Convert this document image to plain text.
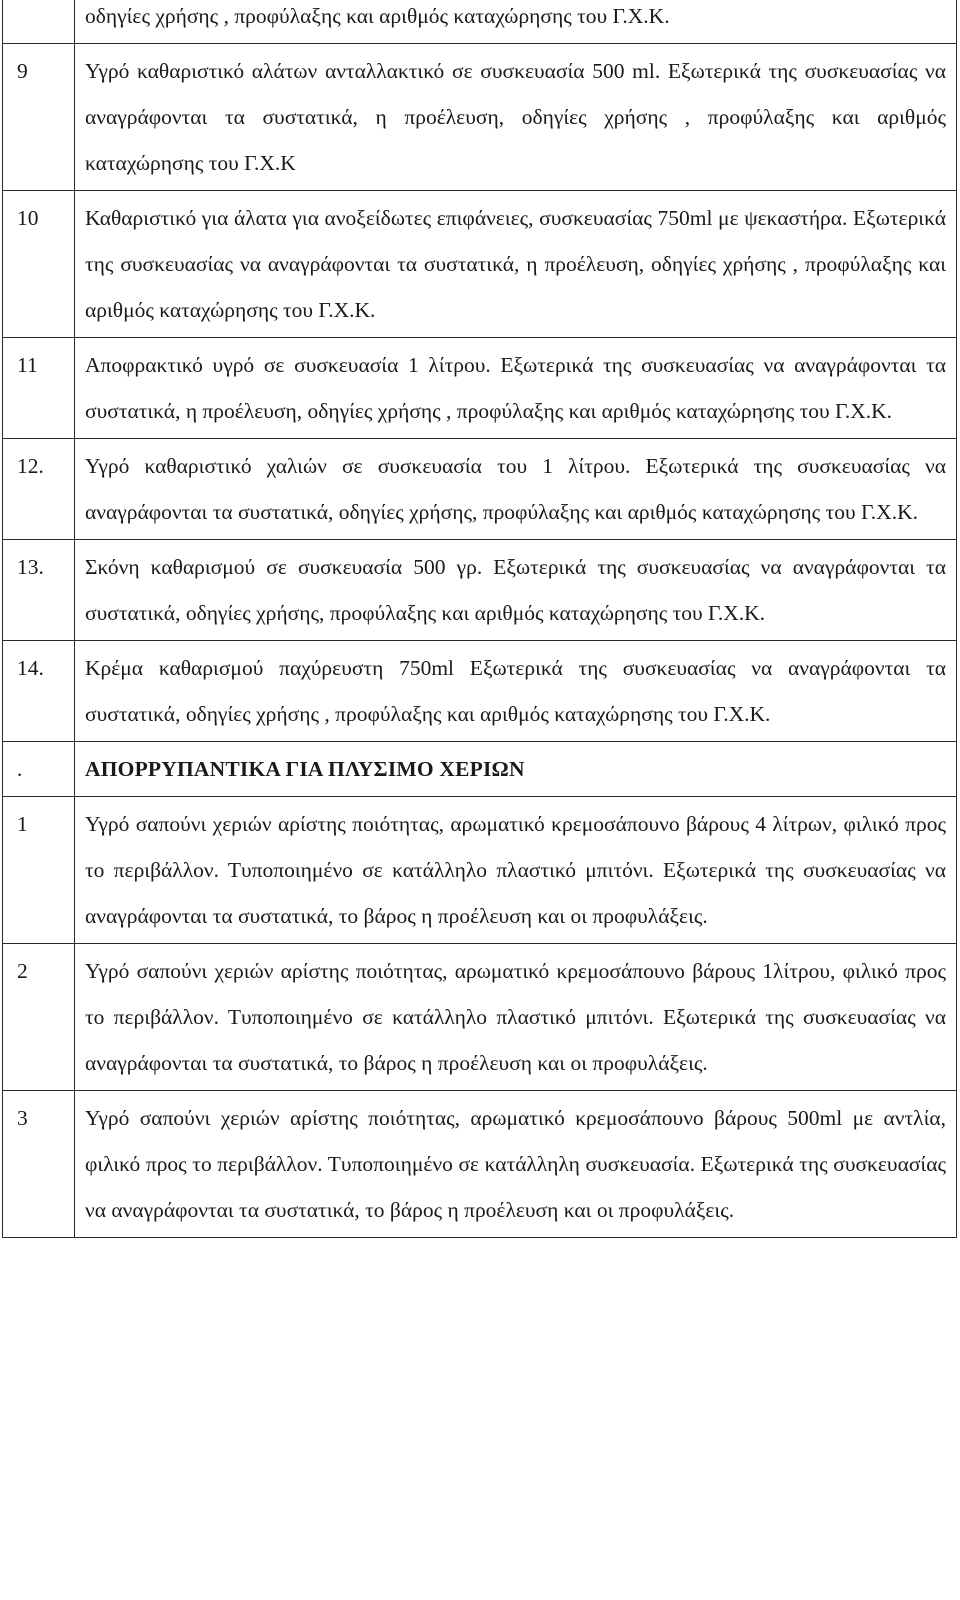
	οδηγίες χρήσης , προφύλαξης και αριθμός καταχώρησης του Γ.Χ.Κ.
9	Υγρό καθαριστικό αλάτων ανταλλακτικό σε συσκευασία 500 ml. Εξωτερικά της συσκευασίας να αναγράφονται τα συστατικά, η προέλευση, οδηγίες χρήσης , προφύλαξης και αριθμός καταχώρησης του Γ.Χ.Κ
10	Καθαριστικό για άλατα για ανοξείδωτες επιφάνειες, συσκευασίας 750ml με ψεκαστήρα. Εξωτερικά της συσκευασίας να αναγράφονται τα συστατικά, η προέλευση, οδηγίες χρήσης , προφύλαξης και αριθμός καταχώρησης του Γ.Χ.Κ.
11	Αποφρακτικό υγρό σε συσκευασία 1 λίτρου. Εξωτερικά της συσκευασίας να αναγράφονται τα συστατικά, η προέλευση, οδηγίες χρήσης , προφύλαξης και αριθμός καταχώρησης του Γ.Χ.Κ.
12.	Υγρό καθαριστικό χαλιών σε συσκευασία του 1 λίτρου. Εξωτερικά της συσκευασίας να αναγράφονται τα συστατικά, οδηγίες χρήσης, προφύλαξης και αριθμός καταχώρησης του Γ.Χ.Κ.
13.	Σκόνη καθαρισμού σε συσκευασία 500 γρ. Εξωτερικά της συσκευασίας να αναγράφονται τα συστατικά, οδηγίες χρήσης, προφύλαξης και αριθμός καταχώρησης του Γ.Χ.Κ.
14.	Κρέμα καθαρισμού παχύρευστη 750ml Εξωτερικά της συσκευασίας να αναγράφονται τα συστατικά, οδηγίες χρήσης , προφύλαξης και αριθμός καταχώρησης του Γ.Χ.Κ.
.	ΑΠΟΡΡΥΠΑΝΤΙΚΑ ΓΙΑ ΠΛΥΣΙΜΟ ΧΕΡΙΩΝ
1	Υγρό σαπούνι χεριών αρίστης ποιότητας, αρωματικό κρεμοσάπουνο βάρους 4 λίτρων, φιλικό προς το περιβάλλον. Τυποποιημένο σε κατάλληλο πλαστικό μπιτόνι. Εξωτερικά της συσκευασίας να αναγράφονται τα συστατικά, το βάρος η προέλευση και οι προφυλάξεις.
2	Υγρό σαπούνι χεριών αρίστης ποιότητας, αρωματικό κρεμοσάπουνο βάρους 1λίτρου, φιλικό προς το περιβάλλον. Τυποποιημένο σε κατάλληλο πλαστικό μπιτόνι. Εξωτερικά της συσκευασίας να αναγράφονται τα συστατικά, το βάρος η προέλευση και οι προφυλάξεις.
3	Υγρό σαπούνι χεριών αρίστης ποιότητας, αρωματικό κρεμοσάπουνο βάρους 500ml με αντλία, φιλικό προς το περιβάλλον. Τυποποιημένο σε κατάλληλη συσκευασία. Εξωτερικά της συσκευασίας να αναγράφονται τα συστατικά, το βάρος η προέλευση και οι προφυλάξεις.
